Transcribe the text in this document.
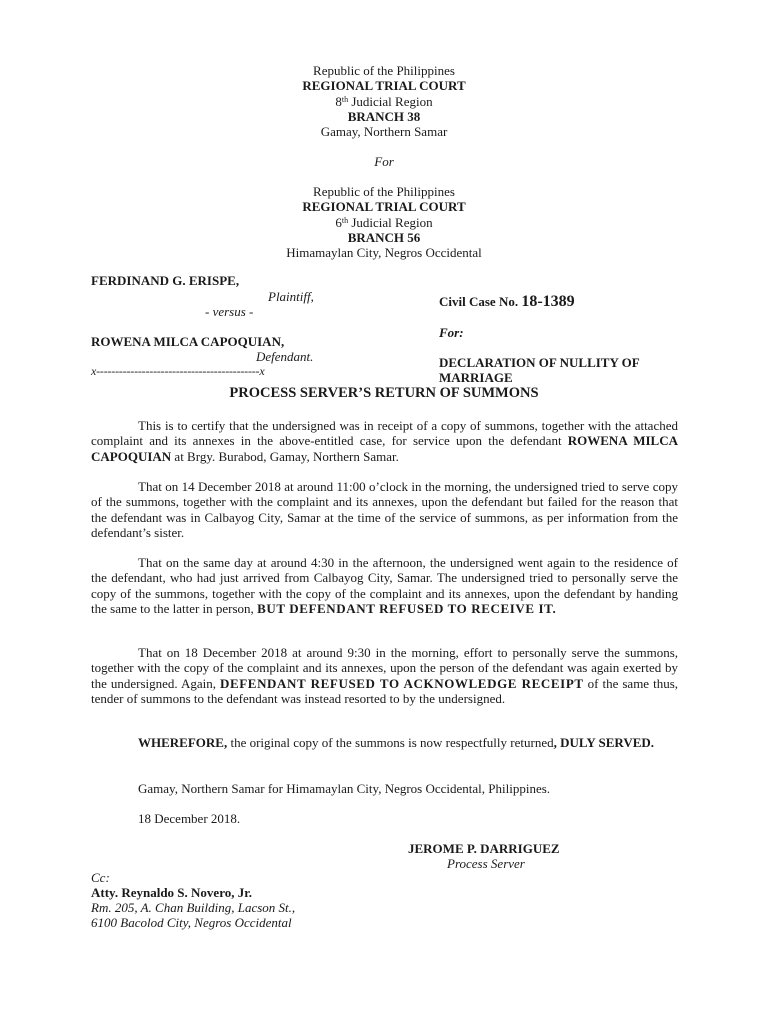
Republic of the Philippines
REGIONAL TRIAL COURT
8th Judicial Region
BRANCH 38
Gamay, Northern Samar
For
Republic of the Philippines
REGIONAL TRIAL COURT
6th Judicial Region
BRANCH 56
Himamaylan City, Negros Occidental
FERDINAND G. ERISPE,
Plaintiff,
- versus -
ROWENA MILCA CAPOQUIAN,
Defendant.
x-------------------------------------------x
Civil Case No. 18-1389
For:
DECLARATION OF NULLITY OF
MARRIAGE
PROCESS SERVER’S RETURN OF SUMMONS
This is to certify that the undersigned was in receipt of a copy of summons, together with the attached complaint and its annexes in the above-entitled case, for service upon the defendant ROWENA MILCA CAPOQUIAN at Brgy. Burabod, Gamay, Northern Samar.
That on 14 December 2018 at around 11:00 o’clock in the morning, the undersigned tried to serve copy of the summons, together with the complaint and its annexes, upon the defendant but failed for the reason that the defendant was in Calbayog City, Samar at the time of the service of summons, as per information from the defendant’s sister.
That on the same day at around 4:30 in the afternoon, the undersigned went again to the residence of the defendant, who had just arrived from Calbayog City, Samar. The undersigned tried to personally serve the copy of the summons, together with the copy of the complaint and its annexes, upon the defendant by handing the same to the latter in person, BUT DEFENDANT REFUSED TO RECEIVE IT.
That on 18 December 2018 at around 9:30 in the morning, effort to personally serve the summons, together with the copy of the complaint and its annexes, upon the person of the defendant was again exerted by the undersigned. Again, DEFENDANT REFUSED TO ACKNOWLEDGE RECEIPT of the same thus, tender of summons to the defendant was instead resorted to by the undersigned.
WHEREFORE, the original copy of the summons is now respectfully returned, DULY SERVED.
Gamay, Northern Samar for Himamaylan City, Negros Occidental, Philippines.
18 December 2018.
JEROME P. DARRIGUEZ
Process Server
Cc:
Atty. Reynaldo S. Novero, Jr.
Rm. 205, A. Chan Building, Lacson St.,
6100 Bacolod City, Negros Occidental
